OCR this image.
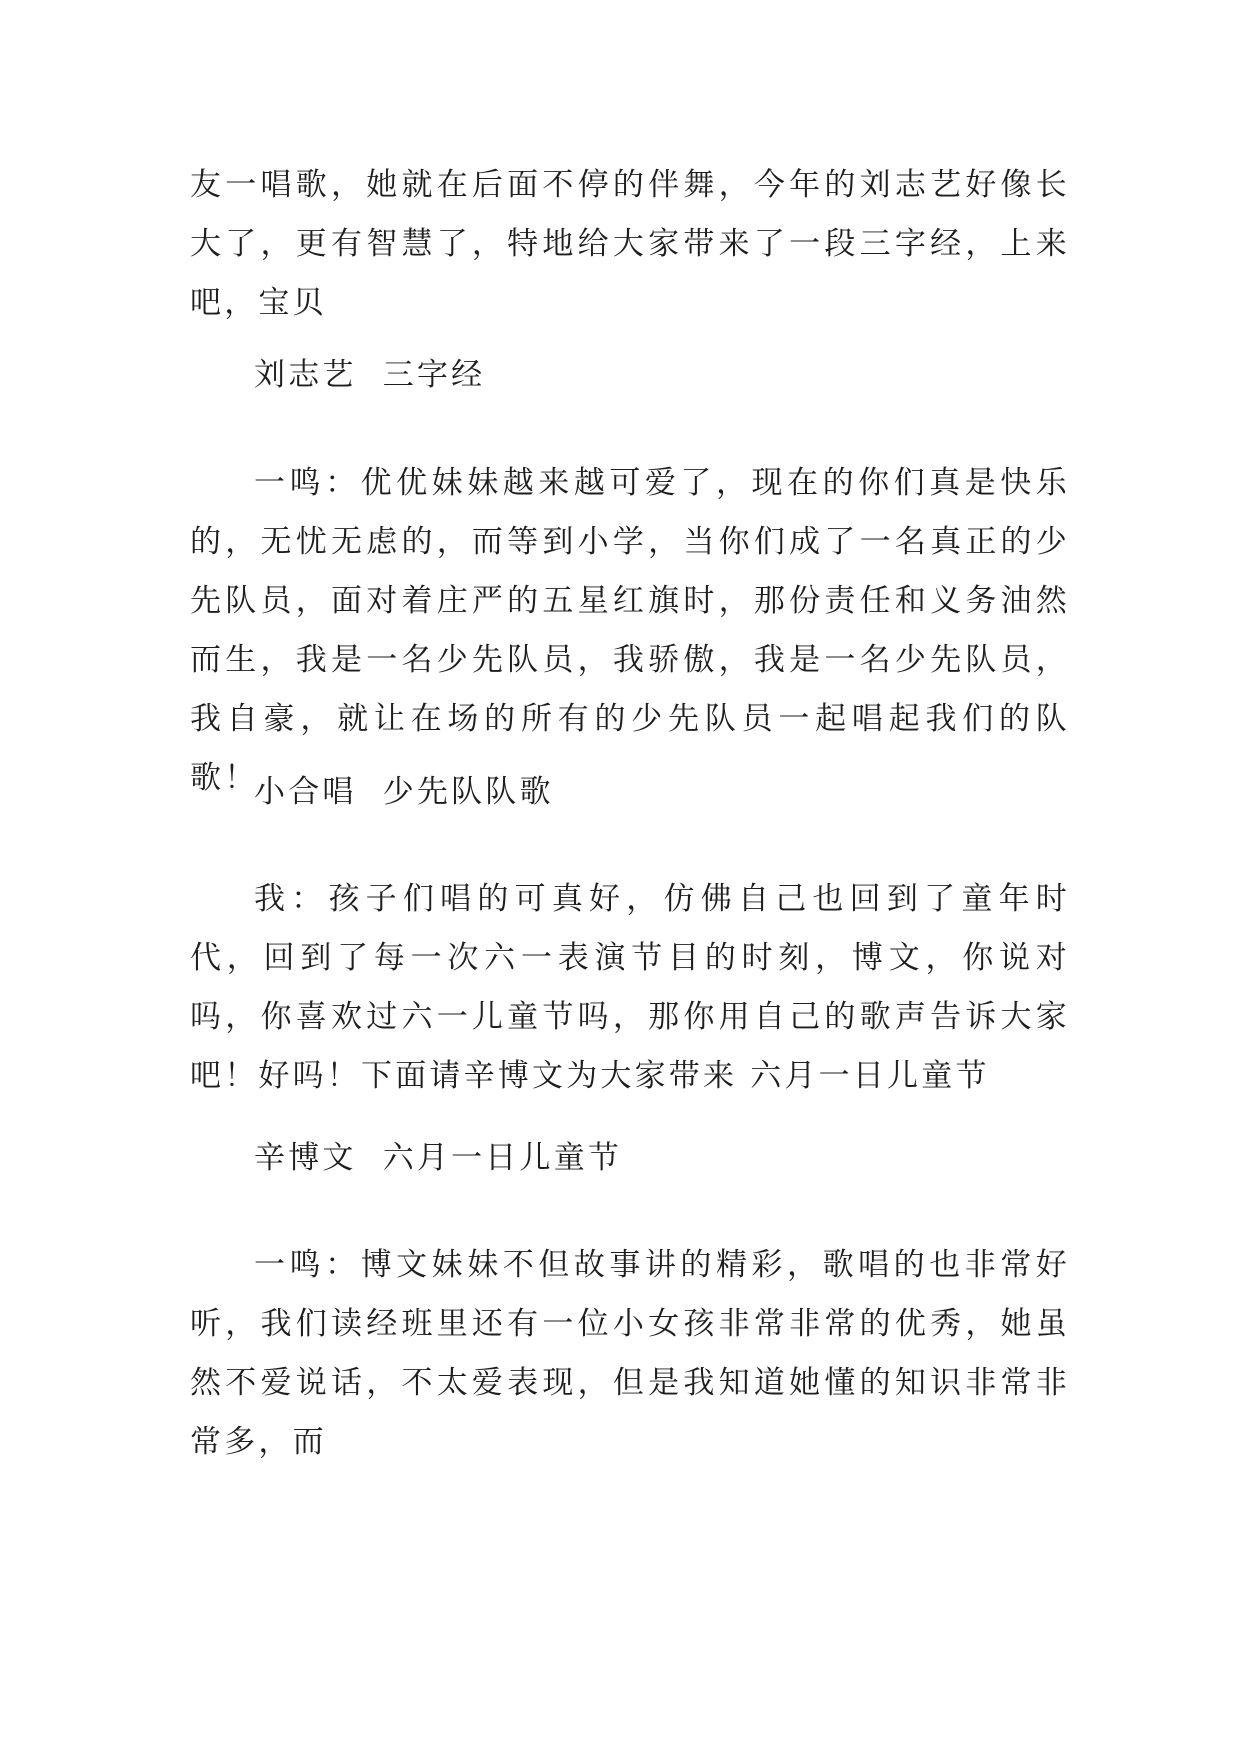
友一唱歌，她就在后面不停的伴舞，今年的刘志艺好像长大了，更有智慧了，特地给大家带来了一段三字经，上来吧，宝贝

刘志艺  三字经

一鸣：优优妹妹越来越可爱了，现在的你们真是快乐的，无忧无虑的，而等到小学，当你们成了一名真正的少先队员，面对着庄严的五星红旗时，那份责任和义务油然而生，我是一名少先队员，我骄傲，我是一名少先队员，我自豪，就让在场的所有的少先队员一起唱起我们的队歌！

小合唱  少先队队歌

我：孩子们唱的可真好，仿佛自己也回到了童年时代，回到了每一次六一表演节目的时刻，博文，你说对吗，你喜欢过六一儿童节吗，那你用自己的歌声告诉大家吧！好吗！下面请辛博文为大家带来 六月一日儿童节

辛博文  六月一日儿童节

一鸣：博文妹妹不但故事讲的精彩，歌唱的也非常好听，我们读经班里还有一位小女孩非常非常的优秀，她虽然不爱说话，不太爱表现，但是我知道她懂的知识非常非常多，而
